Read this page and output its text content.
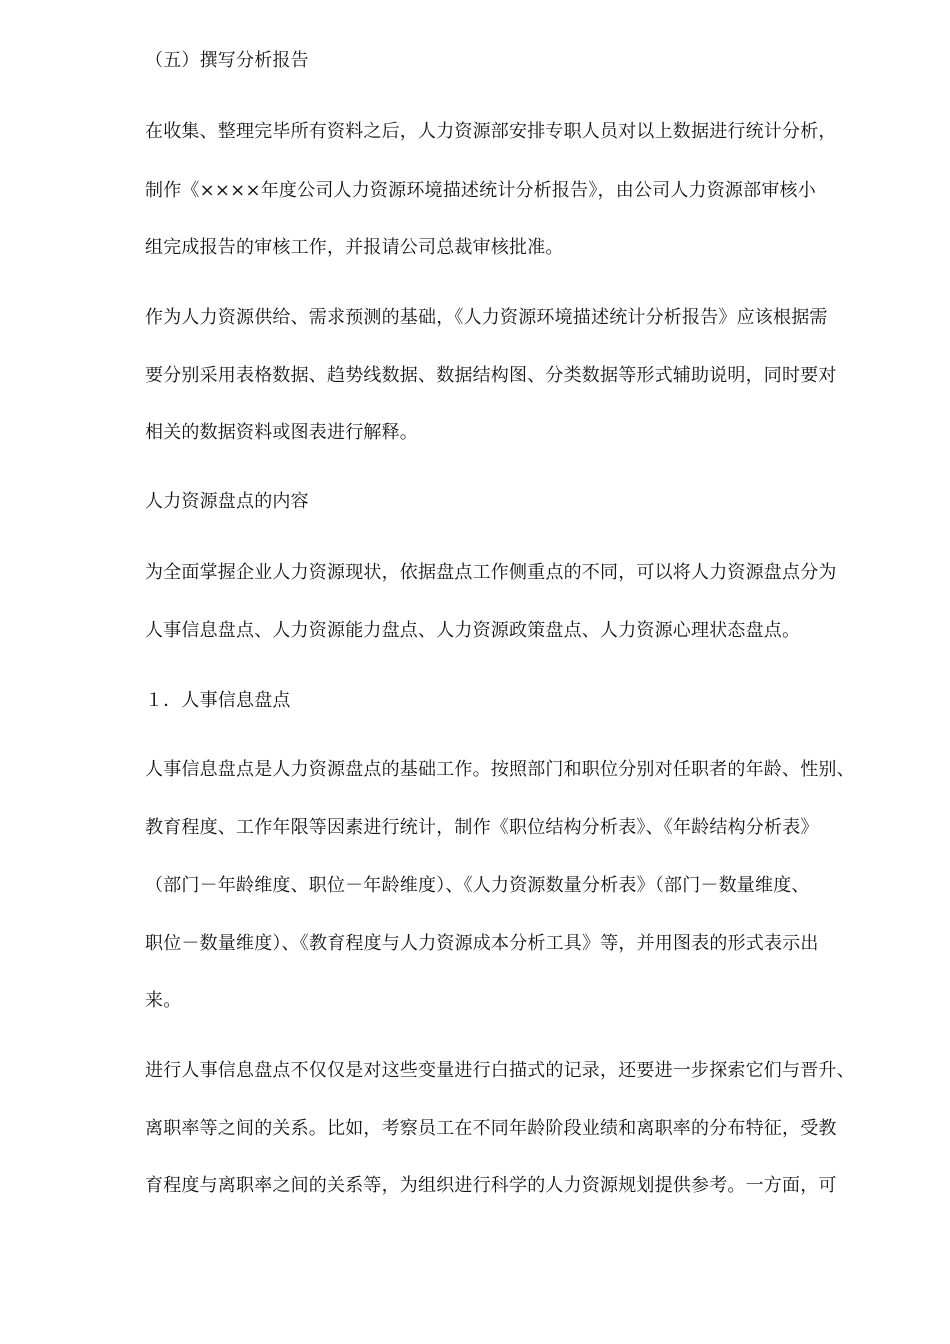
（五）撰写分析报告

在收集、整理完毕所有资料之后，人力资源部安排专职人员对以上数据进行统计分析，

制作《××××年度公司人力资源环境描述统计分析报告》，由公司人力资源部审核小

组完成报告的审核工作，并报请公司总裁审核批准。

作为人力资源供给、需求预测的基础，《人力资源环境描述统计分析报告》应该根据需

要分别采用表格数据、趋势线数据、数据结构图、分类数据等形式辅助说明，同时要对

相关的数据资料或图表进行解释。

人力资源盘点的内容

为全面掌握企业人力资源现状，依据盘点工作侧重点的不同，可以将人力资源盘点分为

人事信息盘点、人力资源能力盘点、人力资源政策盘点、人力资源心理状态盘点。

１．人事信息盘点

人事信息盘点是人力资源盘点的基础工作。按照部门和职位分别对任职者的年龄、性别、

教育程度、工作年限等因素进行统计，制作《职位结构分析表》、《年龄结构分析表》

（部门－年龄维度、职位－年龄维度）、《人力资源数量分析表》（部门－数量维度、

职位－数量维度）、《教育程度与人力资源成本分析工具》等，并用图表的形式表示出

来。

进行人事信息盘点不仅仅是对这些变量进行白描式的记录，还要进一步探索它们与晋升、

离职率等之间的关系。比如，考察员工在不同年龄阶段业绩和离职率的分布特征，受教

育程度与离职率之间的关系等，为组织进行科学的人力资源规划提供参考。一方面，可
